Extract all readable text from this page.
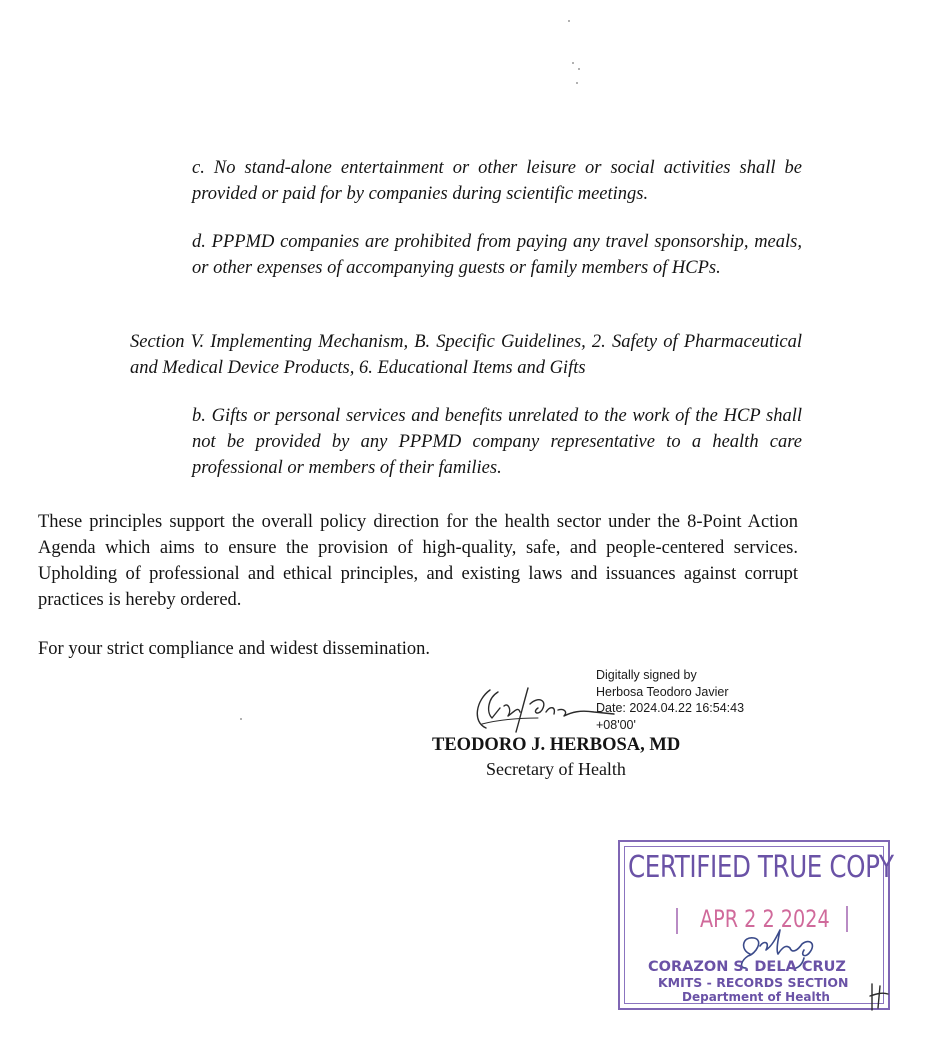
c. No stand-alone entertainment or other leisure or social activities shall be provided or paid for by companies during scientific meetings.

d. PPPMD companies are prohibited from paying any travel sponsorship, meals, or other expenses of accompanying guests or family members of HCPs.

Section V. Implementing Mechanism, B. Specific Guidelines, 2. Safety of Pharmaceutical and Medical Device Products, 6. Educational Items and Gifts

b. Gifts or personal services and benefits unrelated to the work of the HCP shall not be provided by any PPPMD company representative to a health care professional or members of their families.

These principles support the overall policy direction for the health sector under the 8-Point Action Agenda which aims to ensure the provision of high-quality, safe, and people-centered services. Upholding of professional and ethical principles, and existing laws and issuances against corrupt practices is hereby ordered.

For your strict compliance and widest dissemination.

Digitally signed by
Herbosa Teodoro Javier
Date: 2024.04.22 16:54:43
+08'00'
TEODORO J. HERBOSA, MD
Secretary of Health
CERTIFIED TRUE COPY
APR 2 2 2024
CORAZON S. DELA CRUZ
KMITS - RECORDS SECTION
Department of Health
